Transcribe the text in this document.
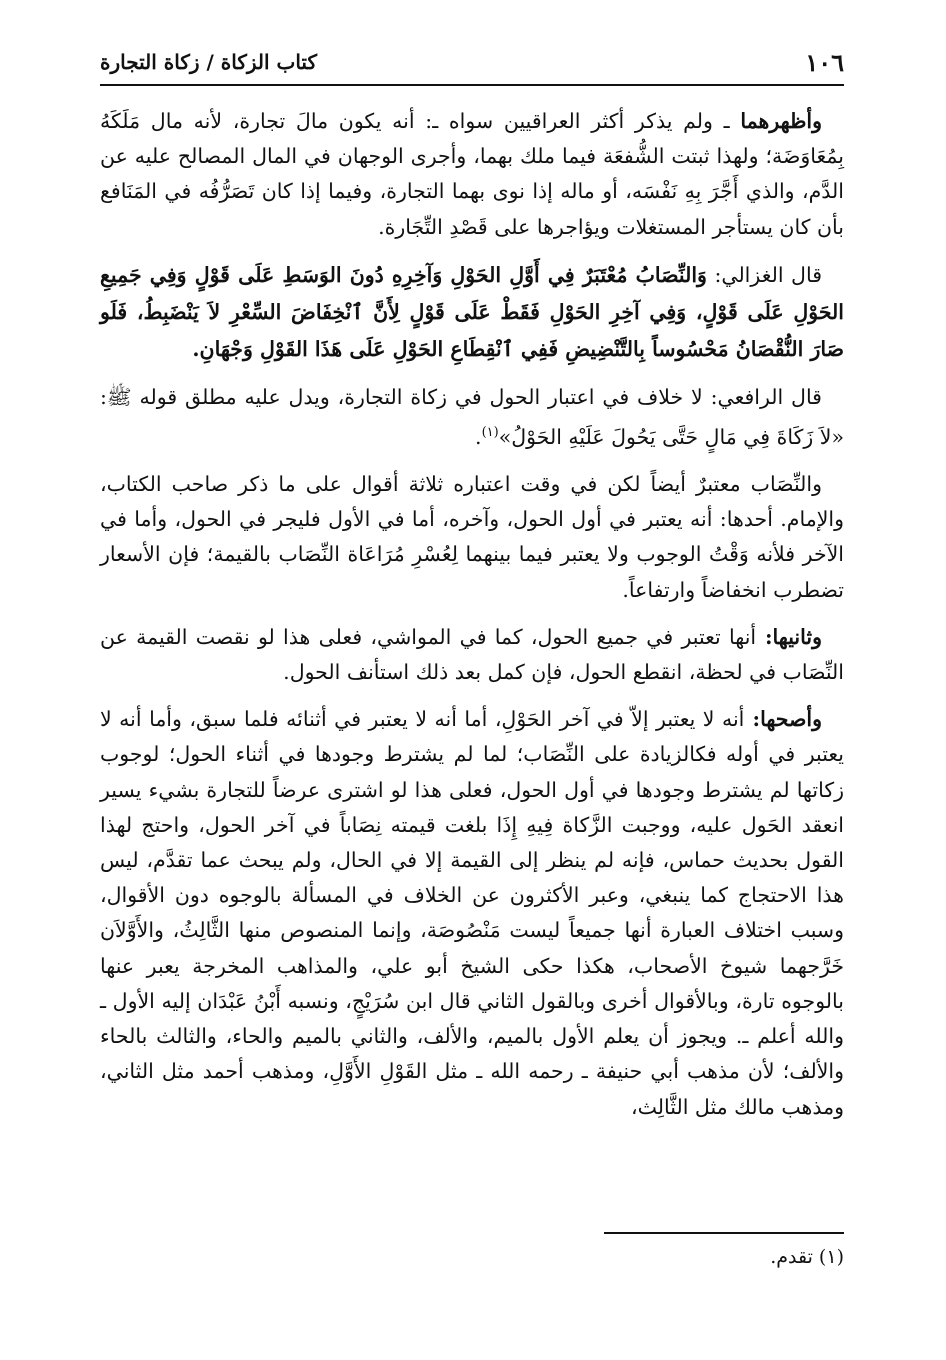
١٠٦
كتاب الزكاة / زكاة التجارة

وأظهرهما ـ ولم يذكر أكثر العراقيين سواه ـ: أنه يكون مالَ تجارة، لأنه مال مَلَكَهُ بِمُعَاوَضَة؛ ولهذا ثبتت الشُّفعَة فيما ملك بهما، وأجرى الوجهان في المال المصالح عليه عن الدَّم، والذي أَجَّرَ بِهِ نَفْسَه، أو ماله إذا نوى بهما التجارة، وفيما إذا كان تَصَرُّفُه في المَنَافع بأن كان يستأجر المستغلات ويؤاجرها على قَصْدِ التِّجَارة.

قال الغزالي: وَالنِّصَابُ مُعْتَبَرٌ فِي أَوَّلِ الحَوْلِ وَآخِرِهِ دُونَ الوَسَطِ عَلَى قَوْلٍ وَفِي جَمِيعِ الحَوْلِ عَلَى قَوْلٍ، وَفِي آخِرِ الحَوْلِ فَقَطْ عَلَى قَوْلٍ لِأَنَّ ٱنْخِفَاضَ السِّعْرِ لاَ يَنْضَبِطُ، فَلَو صَارَ النُّقْصَانُ مَحْسُوساً بِالتَّنْضِيضِ فَفِي ٱنْقِطَاعِ الحَوْلِ عَلَى هَذَا القَوْلِ وَجْهَانِ.

قال الرافعي: لا خلاف في اعتبار الحول في زكاة التجارة، ويدل عليه مطلق قوله ﷺ: «لاَ زَكَاةَ فِي مَالٍ حَتَّى يَحُولَ عَلَيْهِ الحَوْلُ»$^{(١)}$.

والنِّصَاب معتبرٌ أيضاً لكن في وقت اعتباره ثلاثة أقوال على ما ذكر صاحب الكتاب، والإمام. أحدها: أنه يعتبر في أول الحول، وآخره، أما في الأول فليجر في الحول، وأما في الآخر فلأنه وَقْتُ الوجوب ولا يعتبر فيما بينهما لِعُسْرِ مُرَاعَاة النِّصَاب بالقيمة؛ فإن الأسعار تضطرب انخفاضاً وارتفاعاً.

وثانيها: أنها تعتبر في جميع الحول، كما في المواشي، فعلى هذا لو نقصت القيمة عن النِّصَاب في لحظة، انقطع الحول، فإن كمل بعد ذلك استأنف الحول.

وأصحها: أنه لا يعتبر إلاّ في آخر الحَوْلِ، أما أنه لا يعتبر في أثنائه فلما سبق، وأما أنه لا يعتبر في أوله فكالزيادة على النِّصَاب؛ لما لم يشترط وجودها في أثناء الحول؛ لوجوب زكاتها لم يشترط وجودها في أول الحول، فعلى هذا لو اشترى عرضاً للتجارة بشيء يسير انعقد الحَول عليه، ووجبت الزَّكاة فِيهِ إِذَا بلغت قيمته نِصَاباً في آخر الحول، واحتج لهذا القول بحديث حماس، فإنه لم ينظر إلى القيمة إلا في الحال، ولم يبحث عما تقدَّم، ليس هذا الاحتجاج كما ينبغي، وعبر الأكثرون عن الخلاف في المسألة بالوجوه دون الأقوال، وسبب اختلاف العبارة أنها جميعاً ليست مَنْصُوصَة، وإنما المنصوص منها الثَّالِثُ، والأَوَّلاَن خَرَّجهما شيوخ الأصحاب، هكذا حكى الشيخ أبو علي، والمذاهب المخرجة يعبر عنها بالوجوه تارة، وبالأقوال أخرى وبالقول الثاني قال ابن سُرَيْجٍ، ونسبه أَبْنُ عَبْدَان إليه الأول ـ والله أعلم ـ. ويجوز أن يعلم الأول بالميم، والألف، والثاني بالميم والحاء، والثالث بالحاء والألف؛ لأن مذهب أبي حنيفة ـ رحمه الله ـ مثل القَوْلِ الأَوَّلِ، ومذهب أحمد مثل الثاني، ومذهب مالك مثل الثَّالِث،

(١) تقدم.
